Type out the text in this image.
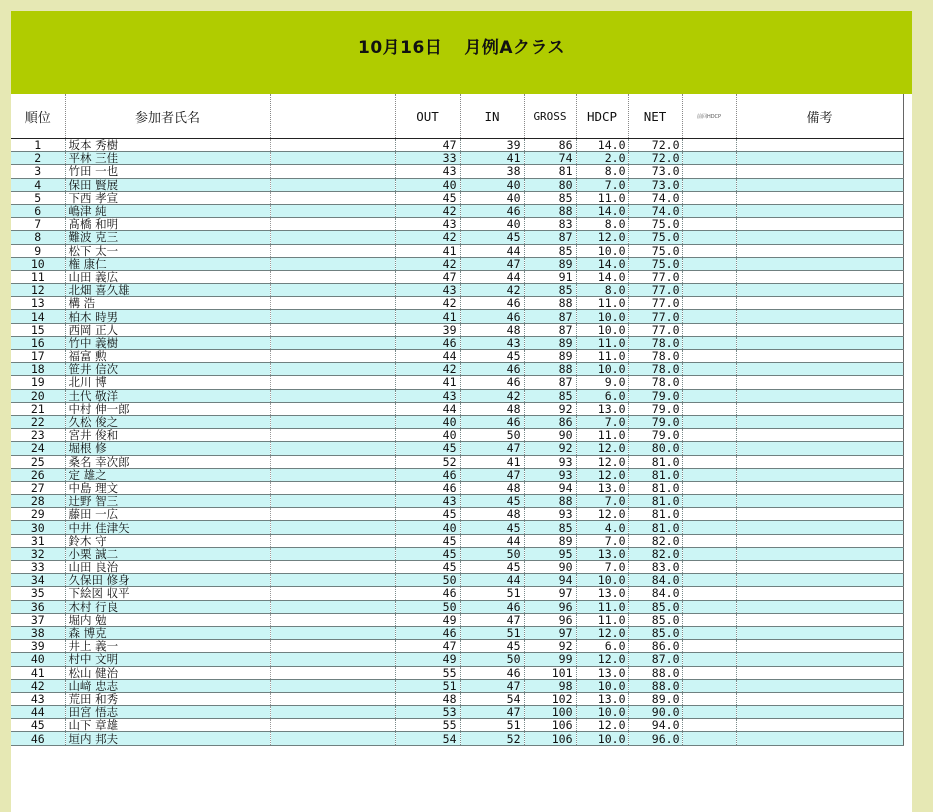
10月16日 月例Aクラス
順位	参加者氏名		OUT	IN	GROSS	HDCP	NET	前回HDCP	備考
1	坂本 秀樹		47	39	86	14.0	72.0		
2	平林 三佳		33	41	74	2.0	72.0		
3	竹田 一也		43	38	81	8.0	73.0		
4	保田 賢展		40	40	80	7.0	73.0		
5	下西 孝宣		45	40	85	11.0	74.0		
6	嶋津 純		42	46	88	14.0	74.0		
7	髙橋 和明		43	40	83	8.0	75.0		
8	難波 克三		42	45	87	12.0	75.0		
9	松下 太一		41	44	85	10.0	75.0		
10	権 康仁		42	47	89	14.0	75.0		
11	山田 義広		47	44	91	14.0	77.0		
12	北畑 喜久雄		43	42	85	8.0	77.0		
13	構 浩		42	46	88	11.0	77.0		
14	柏木 時男		41	46	87	10.0	77.0		
15	西岡 正人		39	48	87	10.0	77.0		
16	竹中 義樹		46	43	89	11.0	78.0		
17	福富 勲		44	45	89	11.0	78.0		
18	笹井 信次		42	46	88	10.0	78.0		
19	北川 博		41	46	87	9.0	78.0		
20	土代 敬洋		43	42	85	6.0	79.0		
21	中村 伸一郎		44	48	92	13.0	79.0		
22	久松 俊之		40	46	86	7.0	79.0		
23	宮井 俊和		40	50	90	11.0	79.0		
24	堀根 修		45	47	92	12.0	80.0		
25	桑名 幸次郎		52	41	93	12.0	81.0		
26	定 雄之		46	47	93	12.0	81.0		
27	中島 理文		46	48	94	13.0	81.0		
28	辻野 智三		43	45	88	7.0	81.0		
29	藤田 一広		45	48	93	12.0	81.0		
30	中井 佳津矢		40	45	85	4.0	81.0		
31	鈴木 守		45	44	89	7.0	82.0		
32	小栗 誠二		45	50	95	13.0	82.0		
33	山田 良治		45	45	90	7.0	83.0		
34	久保田 修身		50	44	94	10.0	84.0		
35	下絵図 収平		46	51	97	13.0	84.0		
36	木村 行良		50	46	96	11.0	85.0		
37	堀内 勉		49	47	96	11.0	85.0		
38	森 博克		46	51	97	12.0	85.0		
39	井上 義一		47	45	92	6.0	86.0		
40	村中 文明		49	50	99	12.0	87.0		
41	松山 健治		55	46	101	13.0	88.0		
42	山﨑 忠志		51	47	98	10.0	88.0		
43	荒田 和秀		48	54	102	13.0	89.0		
44	田宮 悟志		53	47	100	10.0	90.0		
45	山下 章雄		55	51	106	12.0	94.0		
46	垣内 邦夫		54	52	106	10.0	96.0		
